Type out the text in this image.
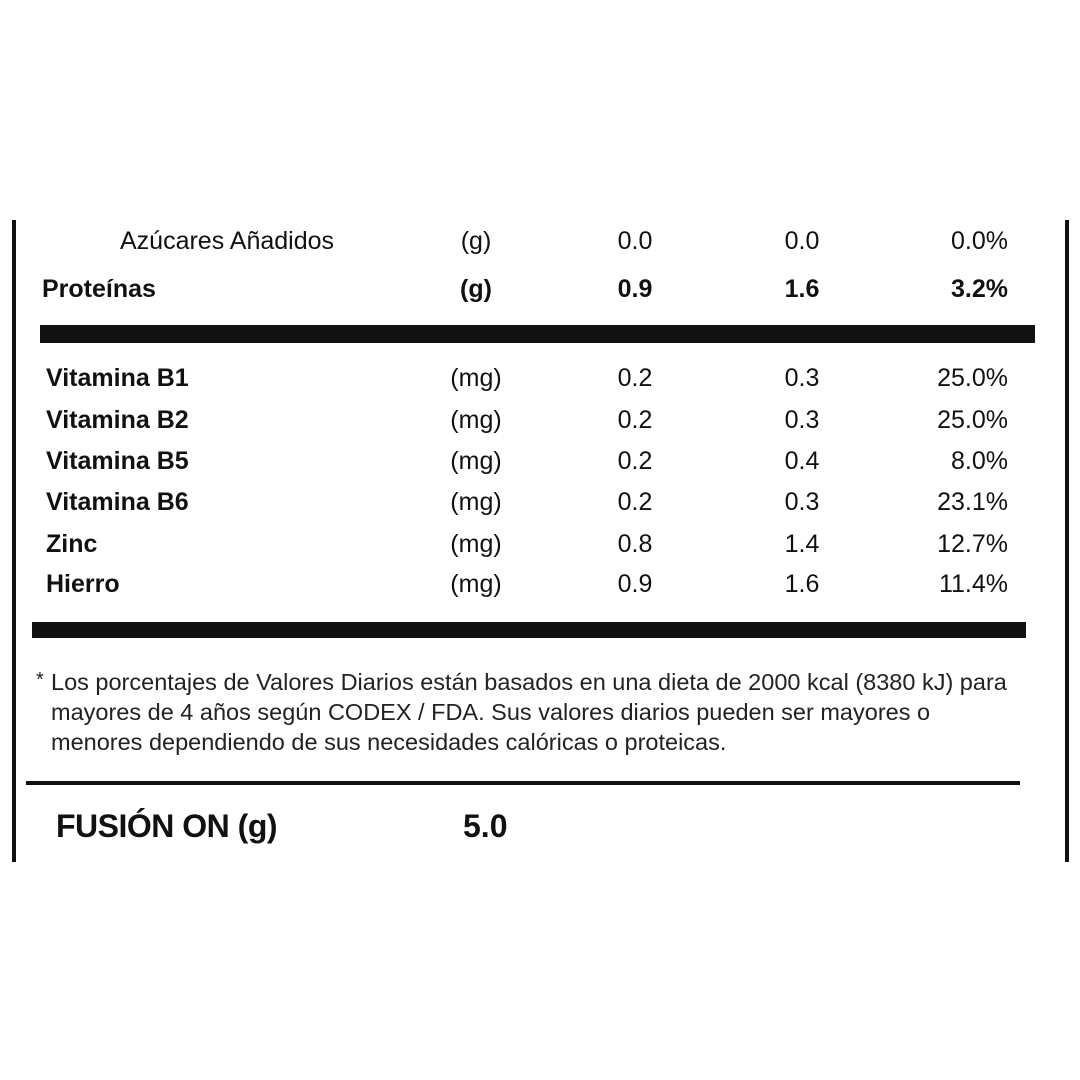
Azúcares Añadidos	(g)	0.0	0.0	0.0%
Proteínas	(g)	0.9	1.6	3.2%
Vitamina B1	(mg)	0.2	0.3	25.0%
Vitamina B2	(mg)	0.2	0.3	25.0%
Vitamina B5	(mg)	0.2	0.4	8.0%
Vitamina B6	(mg)	0.2	0.3	23.1%
Zinc	(mg)	0.8	1.4	12.7%
Hierro	(mg)	0.9	1.6	11.4%
* Los porcentajes de Valores Diarios están basados en una dieta de 2000 kcal (8380 kJ) para mayores de 4 años según CODEX / FDA. Sus valores diarios pueden ser mayores o menores dependiendo de sus necesidades calóricas o proteicas.
FUSIÓN ON (g)	5.0
